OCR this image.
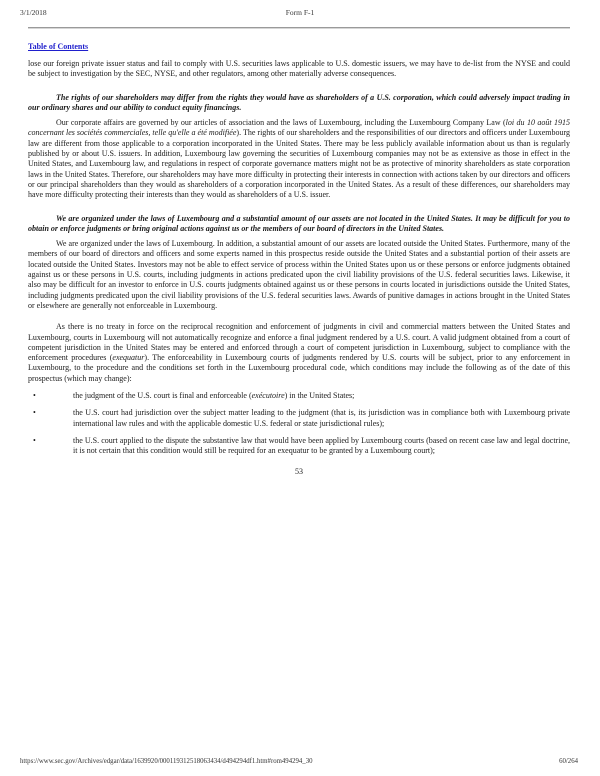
3/1/2018	Form F-1
Table of Contents

lose our foreign private issuer status and fail to comply with U.S. securities laws applicable to U.S. domestic issuers, we may have to de-list from the NYSE and could be subject to investigation by the SEC, NYSE, and other regulators, among other materially adverse consequences.

The rights of our shareholders may differ from the rights they would have as shareholders of a U.S. corporation, which could adversely impact trading in our ordinary shares and our ability to conduct equity financings.

Our corporate affairs are governed by our articles of association and the laws of Luxembourg, including the Luxembourg Company Law (loi du 10 août 1915 concernant les sociétés commerciales, telle qu'elle a été modifiée). The rights of our shareholders and the responsibilities of our directors and officers under Luxembourg law are different from those applicable to a corporation incorporated in the United States. There may be less publicly available information about us than is regularly published by or about U.S. issuers. In addition, Luxembourg law governing the securities of Luxembourg companies may not be as extensive as those in effect in the United States, and Luxembourg law, and regulations in respect of corporate governance matters might not be as protective of minority shareholders as state corporation laws in the United States. Therefore, our shareholders may have more difficulty in protecting their interests in connection with actions taken by our directors and officers or our principal shareholders than they would as shareholders of a corporation incorporated in the United States. As a result of these differences, our shareholders may have more difficulty protecting their interests than they would as shareholders of a U.S. issuer.

We are organized under the laws of Luxembourg and a substantial amount of our assets are not located in the United States. It may be difficult for you to obtain or enforce judgments or bring original actions against us or the members of our board of directors in the United States.

We are organized under the laws of Luxembourg. In addition, a substantial amount of our assets are located outside the United States. Furthermore, many of the members of our board of directors and officers and some experts named in this prospectus reside outside the United States and a substantial portion of their assets are located outside the United States. Investors may not be able to effect service of process within the United States upon us or these persons or enforce judgments obtained against us or these persons in U.S. courts, including judgments in actions predicated upon the civil liability provisions of the U.S. federal securities laws. Likewise, it also may be difficult for an investor to enforce in U.S. courts judgments obtained against us or these persons in courts located in jurisdictions outside the United States, including judgments predicated upon the civil liability provisions of the U.S. federal securities laws. Awards of punitive damages in actions brought in the United States or elsewhere are generally not enforceable in Luxembourg.

As there is no treaty in force on the reciprocal recognition and enforcement of judgments in civil and commercial matters between the United States and Luxembourg, courts in Luxembourg will not automatically recognize and enforce a final judgment rendered by a U.S. court. A valid judgment obtained from a court of competent jurisdiction in the United States may be entered and enforced through a court of competent jurisdiction in Luxembourg, subject to compliance with the enforcement procedures (exequatur). The enforceability in Luxembourg courts of judgments rendered by U.S. courts will be subject, prior to any enforcement in Luxembourg, to the procedure and the conditions set forth in the Luxembourg procedural code, which conditions may include the following as of the date of this prospectus (which may change):

•	the judgment of the U.S. court is final and enforceable (exécutoire) in the United States;
•	the U.S. court had jurisdiction over the subject matter leading to the judgment (that is, its jurisdiction was in compliance both with Luxembourg private international law rules and with the applicable domestic U.S. federal or state jurisdictional rules);
•	the U.S. court applied to the dispute the substantive law that would have been applied by Luxembourg courts (based on recent case law and legal doctrine, it is not certain that this condition would still be required for an exequatur to be granted by a Luxembourg court);

53

https://www.sec.gov/Archives/edgar/data/1639920/000119312518063434/d494294df1.htm#rom494294_30	60/264
